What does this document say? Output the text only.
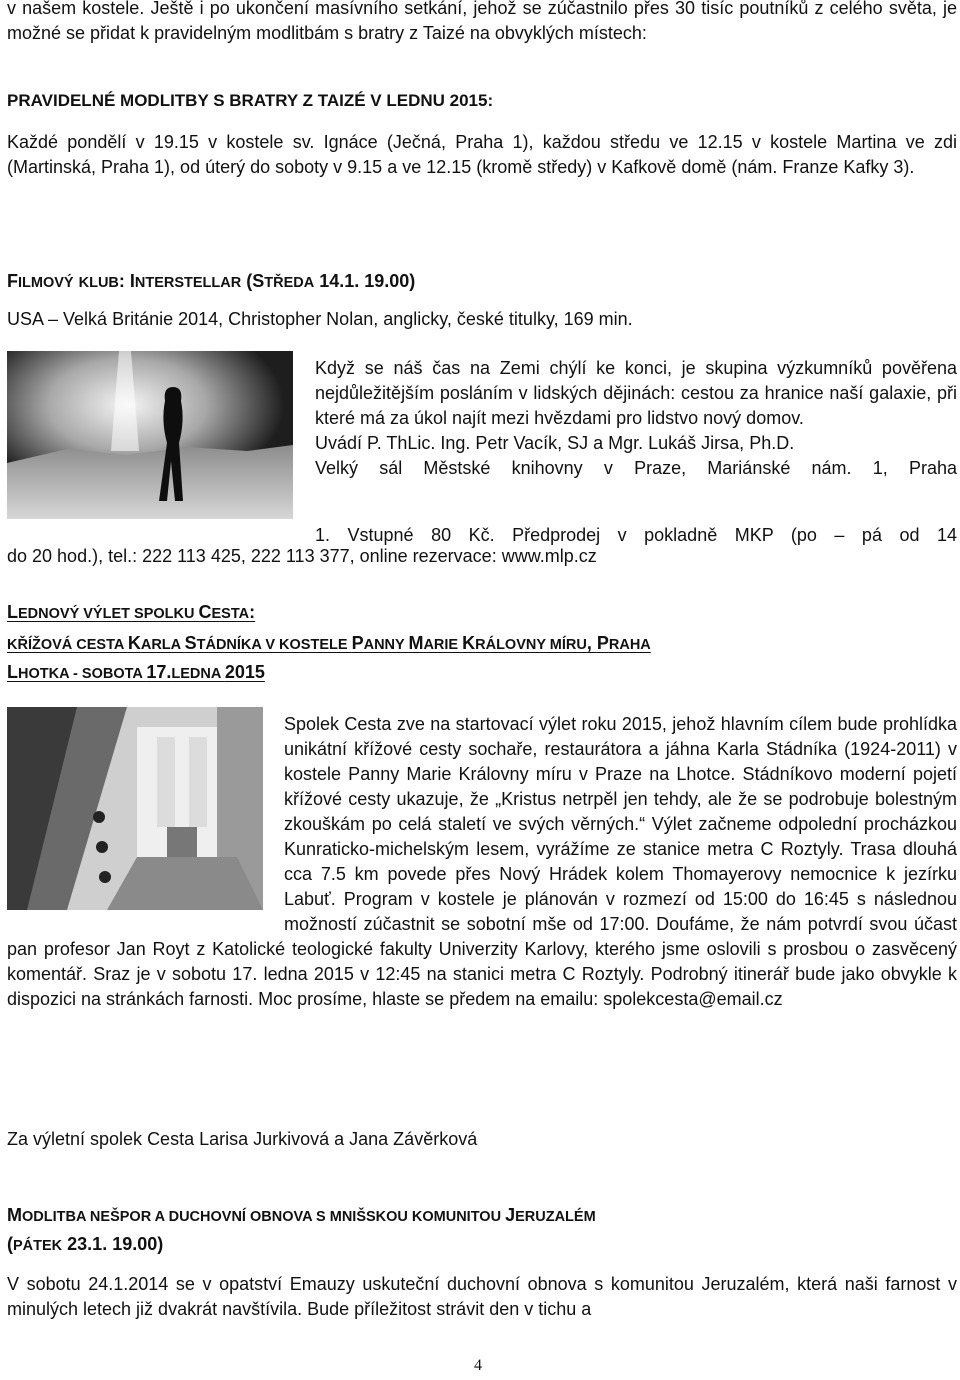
v našem kostele. Ještě i po ukončení masívního setkání, jehož se zúčastnilo přes 30 tisíc poutníků z celého světa, je možné se přidat k pravidelným modlitbám s bratry z Taizé na obvyklých místech:

PRAVIDELNÉ MODLITBY S BRATRY Z TAIZÉ V LEDNU 2015:

Každé pondělí v 19.15 v kostele sv. Ignáce (Ječná, Praha 1), každou středu ve 12.15 v kostele Martina ve zdi (Martinská, Praha 1), od úterý do soboty v 9.15 a ve 12.15 (kromě středy) v Kafkově domě (nám. Franze Kafky 3).

FILMOVÝ KLUB: INTERSTELLAR (STŘEDA 14.1. 19.00)

USA – Velká Británie 2014, Christopher Nolan, anglicky, české titulky, 169 min.

Když se náš čas na Zemi chýlí ke konci, je skupina výzkumníků pověřena nejdůležitějším posláním v lidských dějinách: cestou za hranice naší galaxie, při které má za úkol najít mezi hvězdami pro lidstvo nový domov.

Uvádí P. ThLic. Ing. Petr Vacík, SJ a Mgr. Lukáš Jirsa, Ph.D.

Velký sál Městské knihovny v Praze, Mariánské nám. 1, Praha

1. Vstupné 80 Kč. Předprodej v pokladně MKP (po – pá od 14

do 20 hod.), tel.: 222 113 425, 222 113 377, online rezervace: www.mlp.cz

LEDNOVÝ VÝLET SPOLKU CESTA:

KŘÍŽOVÁ CESTA KARLA STÁDNÍKA V KOSTELE PANNY MARIE KRÁLOVNY MÍRU, PRAHA

LHOTKA - SOBOTA 17.LEDNA 2015

Spolek Cesta zve na startovací výlet roku 2015, jehož hlavním cílem bude prohlídka unikátní křížové cesty sochaře, restaurátora a jáhna Karla Stádníka (1924-2011) v kostele Panny Marie Královny míru v Praze na Lhotce. Stádníkovo moderní pojetí křížové cesty ukazuje, že „Kristus netrpěl jen tehdy, ale že se podrobuje bolestným zkouškám po celá staletí ve svých věrných.“ Výlet začneme odpolední procházkou Kunraticko-michelským lesem, vyrážíme ze stanice metra C Roztyly. Trasa dlouhá cca 7.5 km povede přes Nový Hrádek kolem Thomayerovy nemocnice k jezírku Labuť. Program v kostele je plánován v rozmezí od 15:00 do 16:45 s následnou možností zúčastnit se sobotní mše od 17:00. Doufáme, že nám potvrdí svou účast pan profesor Jan Royt z Katolické teologické fakulty Univerzity Karlovy, kterého jsme oslovili s prosbou o zasvěcený komentář. Sraz je v sobotu 17. ledna 2015 v 12:45 na stanici metra C Roztyly. Podrobný itinerář bude jako obvykle k dispozici na stránkách farnosti. Moc prosíme, hlaste se předem na emailu: spolekcesta@email.cz

Za výletní spolek Cesta Larisa Jurkivová a Jana Závěrková

MODLITBA NEŠPOR A DUCHOVNÍ OBNOVA S MNIŠSKOU KOMUNITOU JERUZALÉM

(PÁTEK 23.1. 19.00)

V sobotu 24.1.2014 se v opatství Emauzy uskuteční duchovní obnova s komunitou Jeruzalém, která naši farnost v minulých letech již dvakrát navštívila. Bude příležitost strávit den v tichu a

4
